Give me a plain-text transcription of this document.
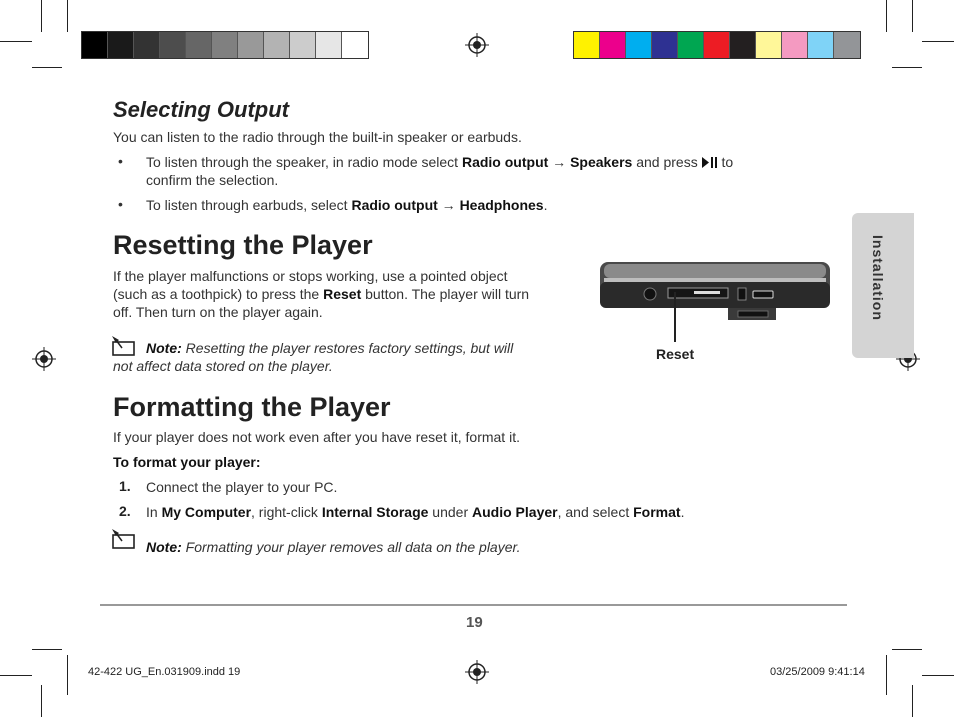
Installation
Selecting Output

You can listen to the radio through the built-in speaker or earbuds.

• To listen through the speaker, in radio mode select Radio output → Speakers and press  to

confirm the selection.

• To listen through earbuds, select Radio output → Headphones.

Resetting the Player

If the player malfunctions or stops working, use a pointed object

(such as a toothpick) to press the Reset button. The player will turn

off. Then turn on the player again.

Note: Resetting the player restores factory settings, but will

not affect data stored on the player.

Reset
Formatting the Player

If your player does not work even after you have reset it, format it.

To format your player:

1. Connect the player to your PC.

2. In My Computer, right-click Internal Storage under Audio Player, and select Format.

Note: Formatting your player removes all data on the player.

19
42-422 UG_En.031909.indd 19	03/25/2009 9:41:14
